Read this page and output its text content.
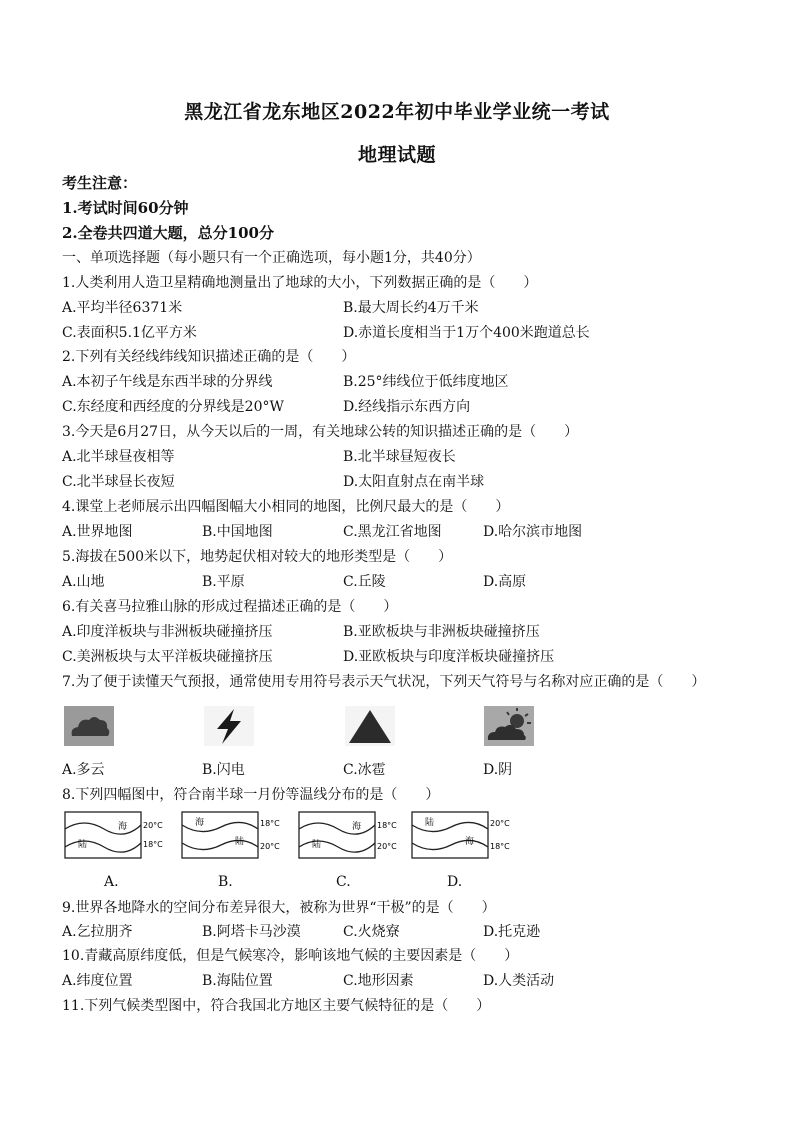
黑龙江省龙东地区2022年初中毕业学业统一考试
地理试题
考生注意：
1.考试时间60分钟
2.全卷共四道大题，总分100分
一、单项选择题（每小题只有一个正确选项，每小题1分，共40分）
1.人类利用人造卫星精确地测量出了地球的大小，下列数据正确的是（　　）
A.平均半径6371米	B.最大周长约4万千米
C.表面积5.1亿平方米	D.赤道长度相当于1万个400米跑道总长
2.下列有关经线纬线知识描述正确的是（　　）
A.本初子午线是东西半球的分界线	B.25°纬线位于低纬度地区
C.东经度和西经度的分界线是20°W	D.经线指示东西方向
3.今天是6月27日，从今天以后的一周，有关地球公转的知识描述正确的是（　　）
A.北半球昼夜相等	B.北半球昼短夜长
C.北半球昼长夜短	D.太阳直射点在南半球
4.课堂上老师展示出四幅图幅大小相同的地图，比例尺最大的是（　　）
A.世界地图	B.中国地图	C.黑龙江省地图	D.哈尔滨市地图
5.海拔在500米以下，地势起伏相对较大的地形类型是（　　）
A.山地	B.平原	C.丘陵	D.高原
6.有关喜马拉雅山脉的形成过程描述正确的是（　　）
A.印度洋板块与非洲板块碰撞挤压	B.亚欧板块与非洲板块碰撞挤压
C.美洲板块与太平洋板块碰撞挤压	D.亚欧板块与印度洋板块碰撞挤压
7.为了便于读懂天气预报，通常使用专用符号表示天气状况，下列天气符号与名称对应正确的是（　　）
A.多云	B.闪电	C.冰雹	D.阴
8.下列四幅图中，符合南半球一月份等温线分布的是（　　）
海
陆
20°C
18°C
海
陆
18°C
20°C
海
陆
18°C
20°C
陆
海
20°C
18°C
A.	B.	C.	D.
9.世界各地降水的空间分布差异很大，被称为世界“干极”的是（　　）
A.乞拉朋齐	B.阿塔卡马沙漠	C.火烧寮	D.托克逊
10.青藏高原纬度低，但是气候寒冷，影响该地气候的主要因素是（　　）
A.纬度位置	B.海陆位置	C.地形因素	D.人类活动
11.下列气候类型图中，符合我国北方地区主要气候特征的是（　　）
